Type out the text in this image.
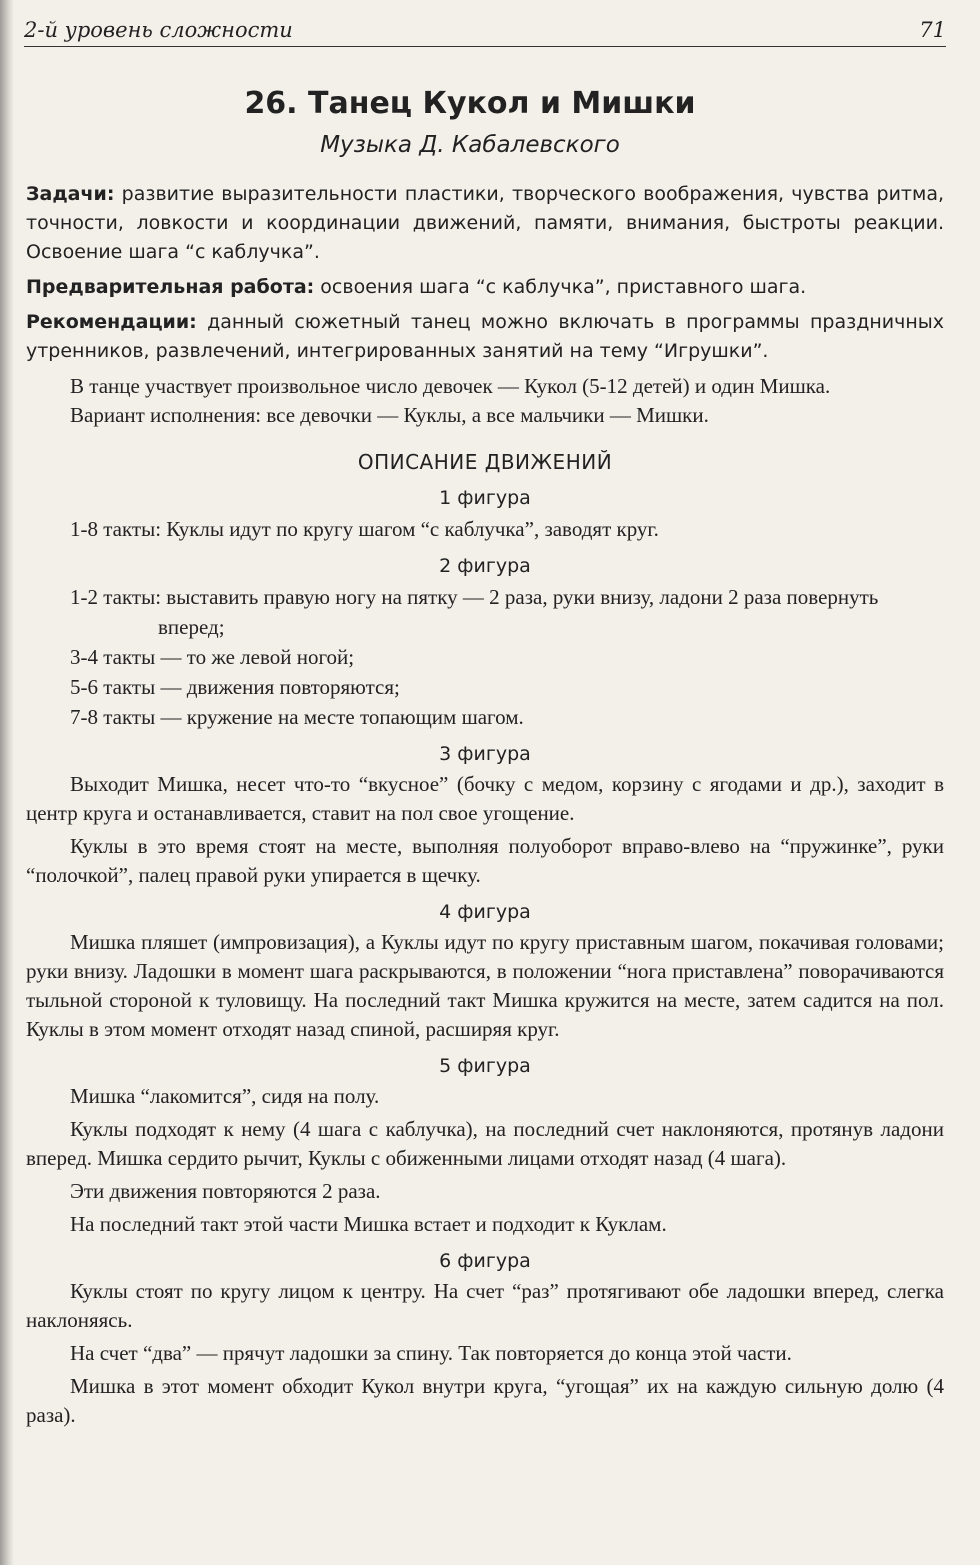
2-й уровень сложности	71
26. Танец Кукол и Мишки
Музыка Д. Кабалевского

Задачи: развитие выразительности пластики, творческого воображения, чувства ритма, точности, ловкости и координации движений, памяти, внимания, быстроты реакции. Освоение шага “с каблучка”.

Предварительная работа: освоения шага “с каблучка”, приставного шага.

Рекомендации: данный сюжетный танец можно включать в программы праздничных утренников, развлечений, интегрированных занятий на тему “Игрушки”.

В танце участвует произвольное число девочек — Кукол (5-12 детей) и один Мишка.

Вариант исполнения: все девочки — Куклы, а все мальчики — Мишки.

ОПИСАНИЕ ДВИЖЕНИЙ
1 фигура
1-8 такты: Куклы идут по кругу шагом “с каблучка”, заводят круг.
2 фигура
1-2 такты: выставить правую ногу на пятку — 2 раза, руки внизу, ладони 2 раза повернуть вперед;
3-4 такты — то же левой ногой;
5-6 такты — движения повторяются;
7-8 такты — кружение на месте топающим шагом.
3 фигура

Выходит Мишка, несет что-то “вкусное” (бочку с медом, корзину с ягодами и др.), заходит в центр круга и останавливается, ставит на пол свое угощение.

Куклы в это время стоят на месте, выполняя полуоборот вправо-влево на “пружинке”, руки “полочкой”, палец правой руки упирается в щечку.

4 фигура

Мишка пляшет (импровизация), а Куклы идут по кругу приставным шагом, покачивая головами; руки внизу. Ладошки в момент шага раскрываются, в положении “нога приставлена” поворачиваются тыльной стороной к туловищу. На последний такт Мишка кружится на месте, затем садится на пол. Куклы в этом момент отходят назад спиной, расширяя круг.

5 фигура

Мишка “лакомится”, сидя на полу.

Куклы подходят к нему (4 шага с каблучка), на последний счет наклоняются, протянув ладони вперед. Мишка сердито рычит, Куклы с обиженными лицами отходят назад (4 шага).

Эти движения повторяются 2 раза.

На последний такт этой части Мишка встает и подходит к Куклам.

6 фигура

Куклы стоят по кругу лицом к центру. На счет “раз” протягивают обе ладошки вперед, слегка наклоняясь.

На счет “два” — прячут ладошки за спину. Так повторяется до конца этой части.

Мишка в этот момент обходит Кукол внутри круга, “угощая” их на каждую сильную долю (4 раза).
